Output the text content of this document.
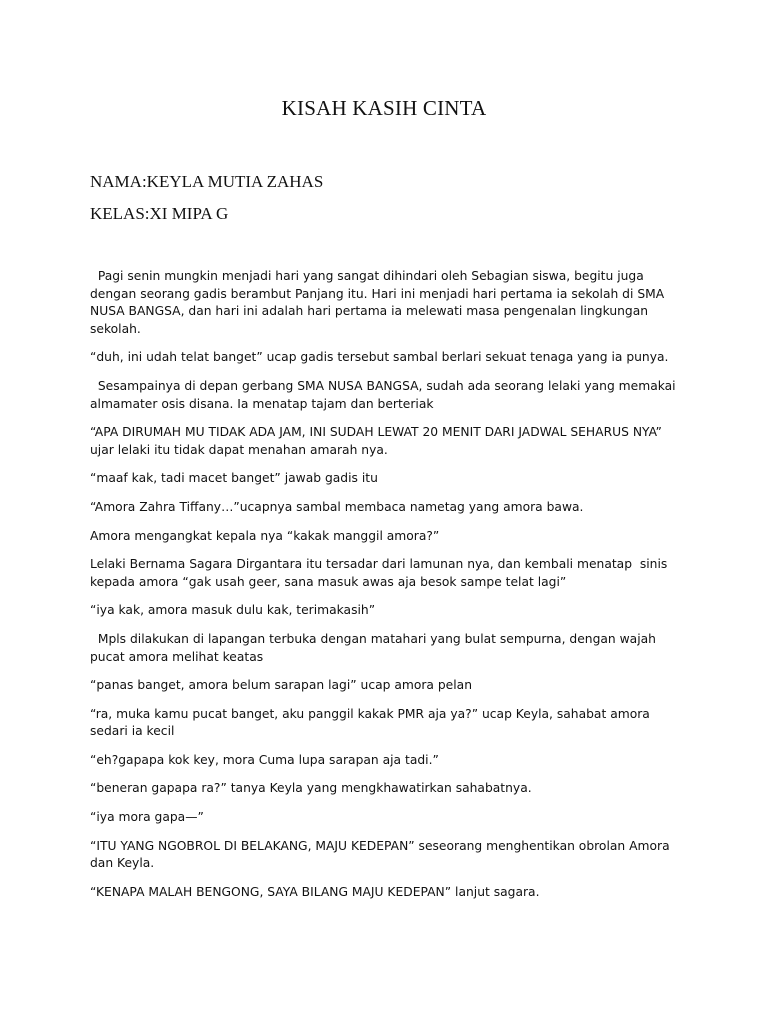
KISAH KASIH CINTA

NAMA:KEYLA MUTIA ZAHAS

KELAS:XI MIPA G

Pagi senin mungkin menjadi hari yang sangat dihindari oleh Sebagian siswa, begitu juga dengan seorang gadis berambut Panjang itu. Hari ini menjadi hari pertama ia sekolah di SMA NUSA BANGSA, dan hari ini adalah hari pertama ia melewati masa pengenalan lingkungan sekolah.

“duh, ini udah telat banget” ucap gadis tersebut sambal berlari sekuat tenaga yang ia punya.

Sesampainya di depan gerbang SMA NUSA BANGSA, sudah ada seorang lelaki yang memakai almamater osis disana. Ia menatap tajam dan berteriak

“APA DIRUMAH MU TIDAK ADA JAM, INI SUDAH LEWAT 20 MENIT DARI JADWAL SEHARUS NYA” ujar lelaki itu tidak dapat menahan amarah nya.

“maaf kak, tadi macet banget” jawab gadis itu

“Amora Zahra Tiffany…”ucapnya sambal membaca nametag yang amora bawa.

Amora mengangkat kepala nya “kakak manggil amora?”

Lelaki Bernama Sagara Dirgantara itu tersadar dari lamunan nya, dan kembali menatap  sinis kepada amora “gak usah geer, sana masuk awas aja besok sampe telat lagi”

“iya kak, amora masuk dulu kak, terimakasih”

Mpls dilakukan di lapangan terbuka dengan matahari yang bulat sempurna, dengan wajah pucat amora melihat keatas

“panas banget, amora belum sarapan lagi” ucap amora pelan

“ra, muka kamu pucat banget, aku panggil kakak PMR aja ya?” ucap Keyla, sahabat amora sedari ia kecil

“eh?gapapa kok key, mora Cuma lupa sarapan aja tadi.”

“beneran gapapa ra?” tanya Keyla yang mengkhawatirkan sahabatnya.

“iya mora gapa—”

“ITU YANG NGOBROL DI BELAKANG, MAJU KEDEPAN” seseorang menghentikan obrolan Amora dan Keyla.

“KENAPA MALAH BENGONG, SAYA BILANG MAJU KEDEPAN” lanjut sagara.
